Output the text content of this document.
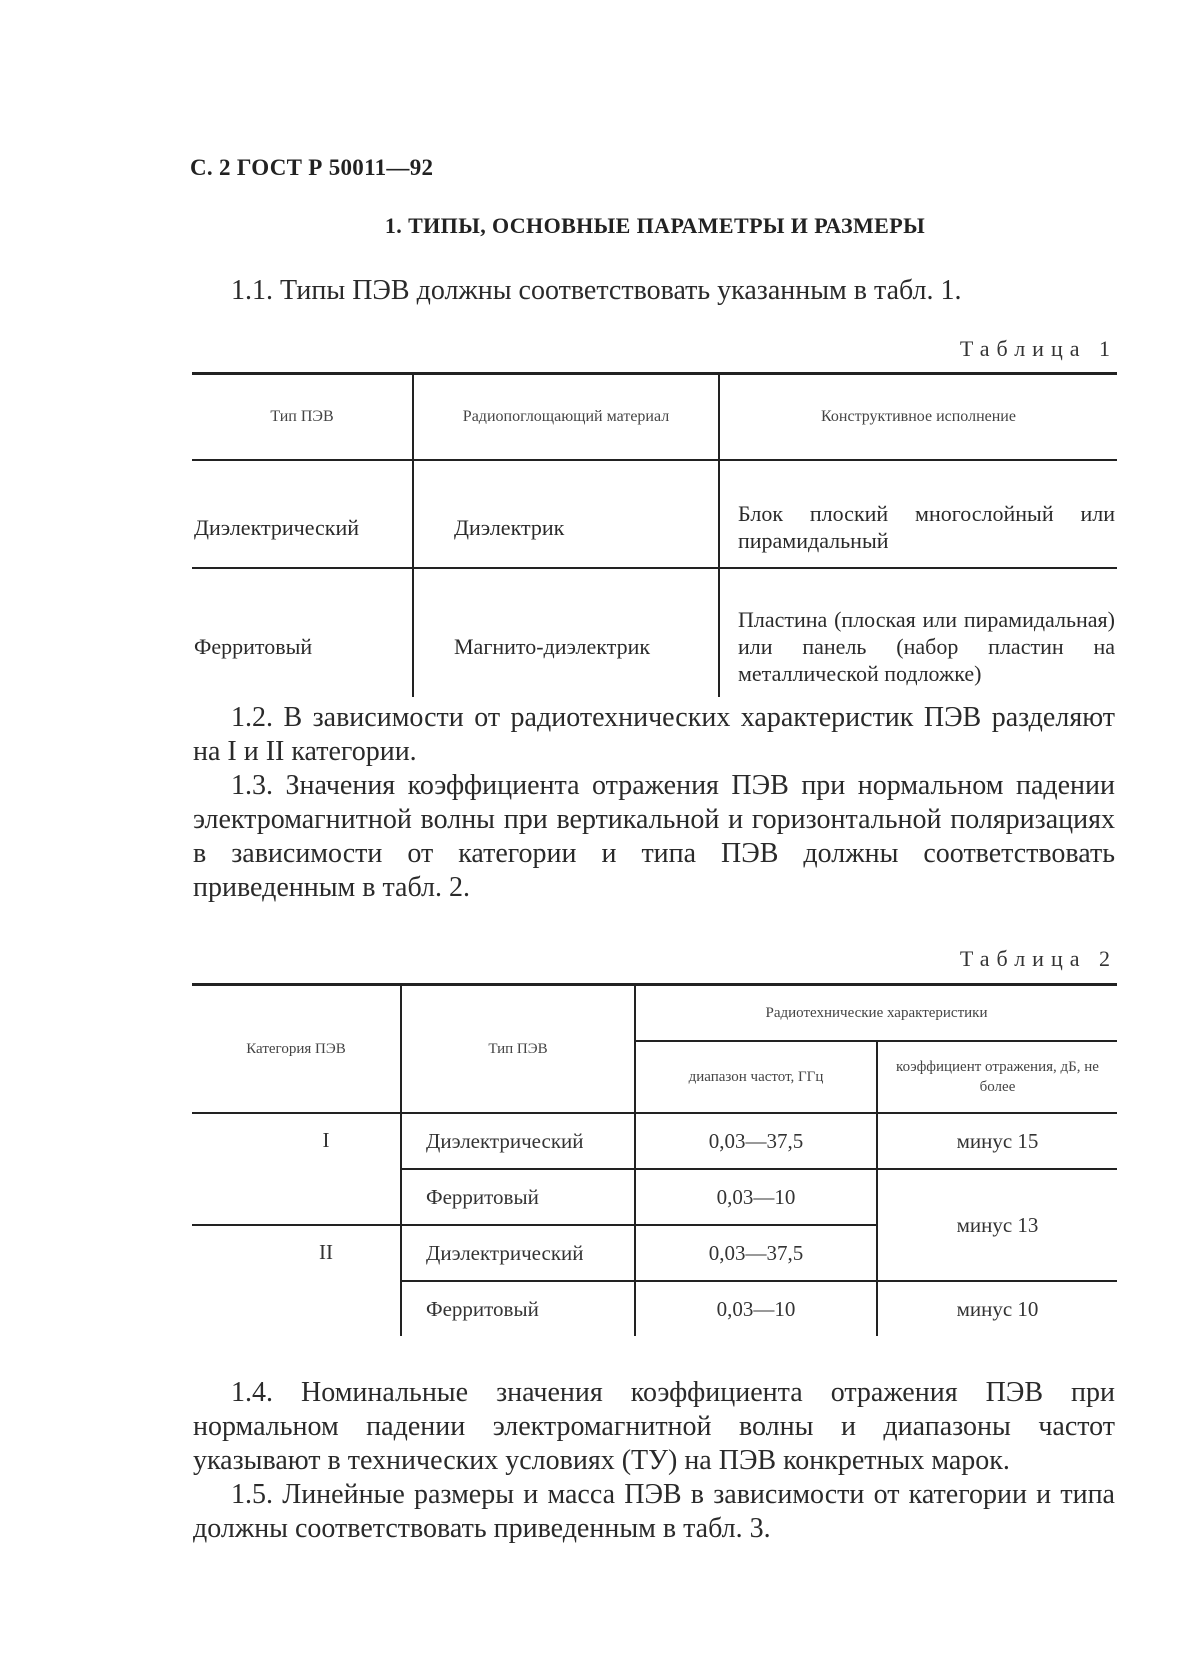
С. 2 ГОСТ Р 50011—92
1. ТИПЫ, ОСНОВНЫЕ ПАРАМЕТРЫ И РАЗМЕРЫ
1.1. Типы ПЭВ должны соответствовать указанным в табл. 1.
Таблица 1
Тип ПЭВ	Радиопоглощающий материал	Конструктивное исполнение
Диэлектрический	Диэлектрик	Блок плоский многослойный или пирамидальный
Ферритовый	Магнито-диэлектрик	Пластина (плоская или пирамидальная) или панель (набор пластин на металлической подложке)
1.2. В зависимости от радиотехнических характеристик ПЭВ разделяют на I и II категории.
1.3. Значения коэффициента отражения ПЭВ при нормальном падении электромагнитной волны при вертикальной и горизонтальной поляризациях в зависимости от категории и типа ПЭВ должны соответствовать приведенным в табл. 2.
Таблица 2
Категория ПЭВ	Тип ПЭВ	Радиотехнические характеристики	
		диапазон частот, ГГц	коэффициент отражения, дБ, не более
I	Диэлектрический	0,03—37,5	минус 15
	Ферритовый	0,03—10	минус 13
II	Диэлектрический	0,03—37,5	
	Ферритовый	0,03—10	минус 10
1.4. Номинальные значения коэффициента отражения ПЭВ при нормальном падении электромагнитной волны и диапазоны частот указывают в технических условиях (ТУ) на ПЭВ конкретных марок.
1.5. Линейные размеры и масса ПЭВ в зависимости от категории и типа должны соответствовать приведенным в табл. 3.
